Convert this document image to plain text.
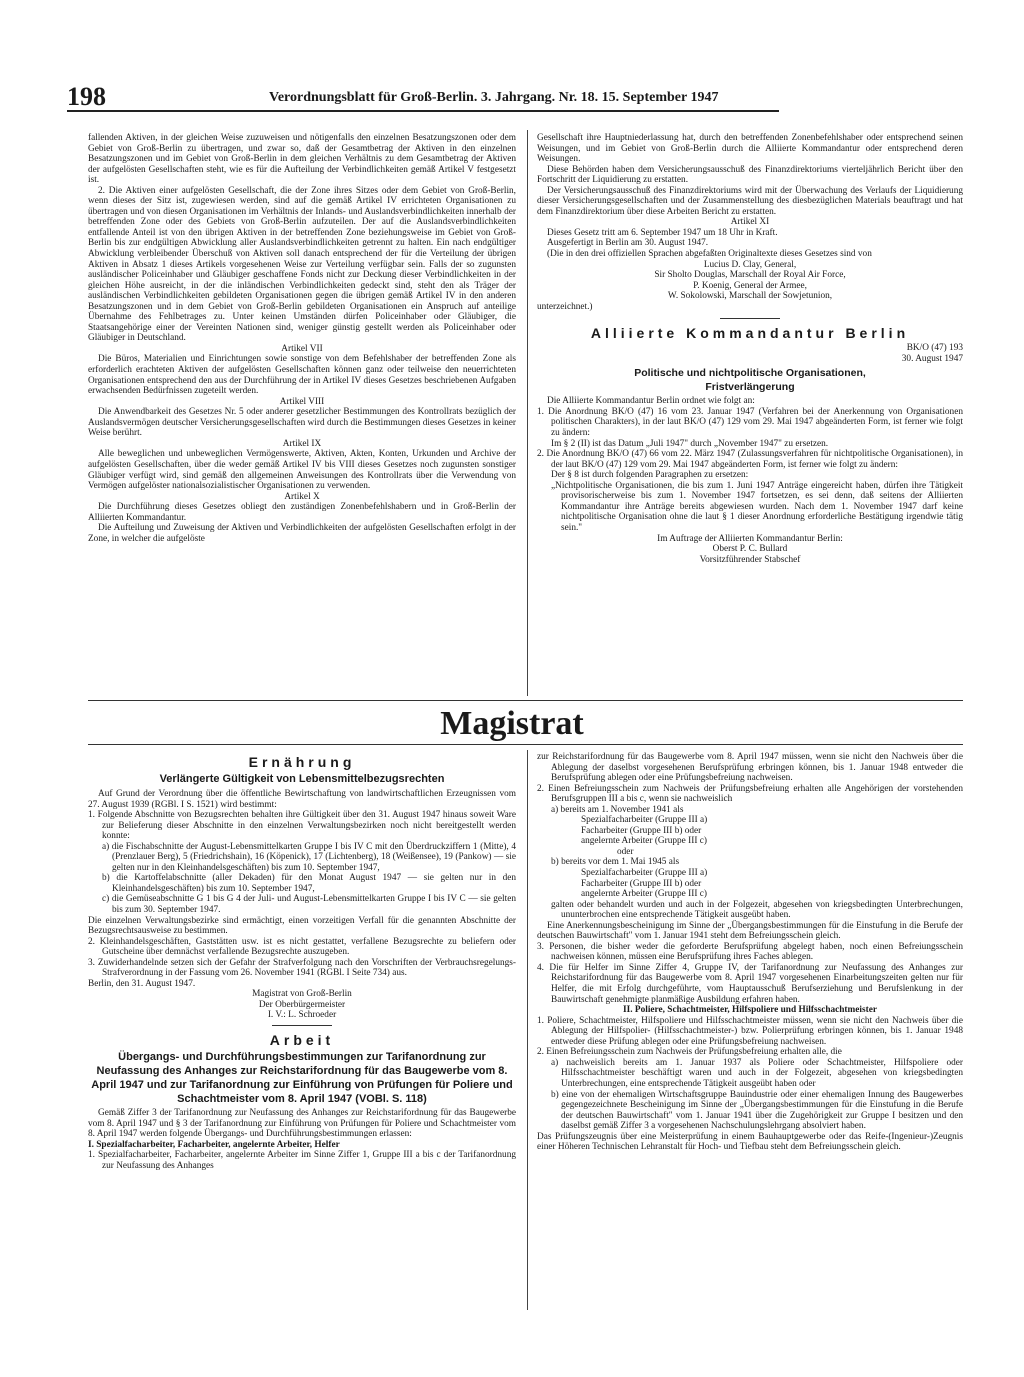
198	Verordnungsblatt für Groß-Berlin. 3. Jahrgang. Nr. 18. 15. September 1947

fallenden Aktiven, in der gleichen Weise zuzuweisen und nötigenfalls den einzelnen Besatzungszonen oder dem Gebiet von Groß-Berlin zu übertragen, und zwar so, daß der Gesamtbetrag der Aktiven in den einzelnen Besatzungszonen und im Gebiet von Groß-Berlin in dem gleichen Verhältnis zu dem Gesamtbetrag der Aktiven der aufgelösten Gesellschaften steht, wie es für die Aufteilung der Verbindlichkeiten gemäß Artikel V festgesetzt ist.

2. Die Aktiven einer aufgelösten Gesellschaft, die der Zone ihres Sitzes oder dem Gebiet von Groß-Berlin, wenn dieses der Sitz ist, zugewiesen werden, sind auf die gemäß Artikel IV errichteten Organisationen zu übertragen und von diesen Organisationen im Verhältnis der Inlands- und Auslandsverbindlichkeiten innerhalb der betreffenden Zone oder des Gebiets von Groß-Berlin aufzuteilen. Der auf die Auslandsverbindlichkeiten entfallende Anteil ist von den übrigen Aktiven in der betreffenden Zone beziehungsweise im Gebiet von Groß-Berlin bis zur endgültigen Abwicklung aller Auslandsverbindlichkeiten getrennt zu halten. Ein nach endgültiger Abwicklung verbleibender Überschuß von Aktiven soll danach entsprechend der für die Verteilung der übrigen Aktiven in Absatz 1 dieses Artikels vorgesehenen Weise zur Verteilung verfügbar sein. Falls der so zugunsten ausländischer Policeinhaber und Gläubiger geschaffene Fonds nicht zur Deckung dieser Verbindlichkeiten in der gleichen Höhe ausreicht, in der die inländischen Verbindlichkeiten gedeckt sind, steht den als Träger der ausländischen Verbindlichkeiten gebildeten Organisationen gegen die übrigen gemäß Artikel IV in den anderen Besatzungszonen und in dem Gebiet von Groß-Berlin gebildeten Organisationen ein Anspruch auf anteilige Übernahme des Fehlbetrages zu. Unter keinen Umständen dürfen Policeinhaber oder Gläubiger, die Staatsangehörige einer der Vereinten Nationen sind, weniger günstig gestellt werden als Policeinhaber oder Gläubiger in Deutschland.

Artikel VII

Die Büros, Materialien und Einrichtungen sowie sonstige von dem Befehlshaber der betreffenden Zone als erforderlich erachteten Aktiven der aufgelösten Gesellschaften können ganz oder teilweise den neuerrichteten Organisationen entsprechend den aus der Durchführung der in Artikel IV dieses Gesetzes beschriebenen Aufgaben erwachsenden Bedürfnissen zugeteilt werden.

Artikel VIII

Die Anwendbarkeit des Gesetzes Nr. 5 oder anderer gesetzlicher Bestimmungen des Kontrollrats bezüglich der Auslandsvermögen deutscher Versicherungsgesellschaften wird durch die Bestimmungen dieses Gesetzes in keiner Weise berührt.

Artikel IX

Alle beweglichen und unbeweglichen Vermögenswerte, Aktiven, Akten, Konten, Urkunden und Archive der aufgelösten Gesellschaften, über die weder gemäß Artikel IV bis VIII dieses Gesetzes noch zugunsten sonstiger Gläubiger verfügt wird, sind gemäß den allgemeinen Anweisungen des Kontrollrats über die Verwendung von Vermögen aufgelöster nationalsozialistischer Organisationen zu verwenden.

Artikel X

Die Durchführung dieses Gesetzes obliegt den zuständigen Zonenbefehlshabern und in Groß-Berlin der Alliierten Kommandantur.

Die Aufteilung und Zuweisung der Aktiven und Verbindlichkeiten der aufgelösten Gesellschaften erfolgt in der Zone, in welcher die aufgelöste

Gesellschaft ihre Hauptniederlassung hat, durch den betreffenden Zonenbefehlshaber oder entsprechend seinen Weisungen, und im Gebiet von Groß-Berlin durch die Alliierte Kommandantur oder entsprechend deren Weisungen.

Diese Behörden haben dem Versicherungsausschuß des Finanzdirektoriums vierteljährlich Bericht über den Fortschritt der Liquidierung zu erstatten.

Der Versicherungsausschuß des Finanzdirektoriums wird mit der Überwachung des Verlaufs der Liquidierung dieser Versicherungsgesellschaften und der Zusammenstellung des diesbezüglichen Materials beauftragt und hat dem Finanzdirektorium über diese Arbeiten Bericht zu erstatten.

Artikel XI

Dieses Gesetz tritt am 6. September 1947 um 18 Uhr in Kraft.

Ausgefertigt in Berlin am 30. August 1947.

(Die in den drei offiziellen Sprachen abgefaßten Originaltexte dieses Gesetzes sind von

Lucius D. Clay, General,

Sir Sholto Douglas, Marschall der Royal Air Force,

P. Koenig, General der Armee,

W. Sokolowski, Marschall der Sowjetunion,

unterzeichnet.)

Alliierte Kommandantur Berlin

BK/O (47) 193

30. August 1947

Politische und nichtpolitische Organisationen,

Fristverlängerung

Die Alliierte Kommandantur Berlin ordnet wie folgt an:

1. Die Anordnung BK/O (47) 16 vom 23. Januar 1947 (Verfahren bei der Anerkennung von Organisationen politischen Charakters), in der laut BK/O (47) 129 vom 29. Mai 1947 abgeänderten Form, ist ferner wie folgt zu ändern:

Im § 2 (II) ist das Datum „Juli 1947" durch „November 1947" zu ersetzen.

2. Die Anordnung BK/O (47) 66 vom 22. März 1947 (Zulassungsverfahren für nichtpolitische Organisationen), in der laut BK/O (47) 129 vom 29. Mai 1947 abgeänderten Form, ist ferner wie folgt zu ändern:

Der § 8 ist durch folgenden Paragraphen zu ersetzen:

„Nichtpolitische Organisationen, die bis zum 1. Juni 1947 Anträge eingereicht haben, dürfen ihre Tätigkeit provisorischerweise bis zum 1. November 1947 fortsetzen, es sei denn, daß seitens der Alliierten Kommandantur ihre Anträge bereits abgewiesen wurden. Nach dem 1. November 1947 darf keine nichtpolitische Organisation ohne die laut § 1 dieser Anordnung erforderliche Bestätigung irgendwie tätig sein."

Im Auftrage der Alliierten Kommandantur Berlin:

Oberst P. C. Bullard

Vorsitzführender Stabschef

Magistrat

Ernährung

Verlängerte Gültigkeit von Lebensmittelbezugsrechten

Auf Grund der Verordnung über die öffentliche Bewirtschaftung von landwirtschaftlichen Erzeugnissen vom 27. August 1939 (RGBl. I S. 1521) wird bestimmt:

1. Folgende Abschnitte von Bezugsrechten behalten ihre Gültigkeit über den 31. August 1947 hinaus soweit Ware zur Belieferung dieser Abschnitte in den einzelnen Verwaltungsbezirken noch nicht bereitgestellt werden konnte:

a) die Fischabschnitte der August-Lebensmittelkarten Gruppe I bis IV C mit den Überdruckziffern 1 (Mitte), 4 (Prenzlauer Berg), 5 (Friedrichshain), 16 (Köpenick), 17 (Lichtenberg), 18 (Weißensee), 19 (Pankow) — sie gelten nur in den Kleinhandelsgeschäften) bis zum 10. September 1947,

b) die Kartoffelabschnitte (aller Dekaden) für den Monat August 1947 — sie gelten nur in den Kleinhandelsgeschäften) bis zum 10. September 1947,

c) die Gemüseabschnitte G 1 bis G 4 der Juli- und August-Lebensmittelkarten Gruppe I bis IV C — sie gelten bis zum 30. September 1947.

Die einzelnen Verwaltungsbezirke sind ermächtigt, einen vorzeitigen Verfall für die genannten Abschnitte der Bezugsrechtsausweise zu bestimmen.

2. Kleinhandelsgeschäften, Gaststätten usw. ist es nicht gestattet, verfallene Bezugsrechte zu beliefern oder Gutscheine über demnächst verfallende Bezugsrechte auszugeben.

3. Zuwiderhandelnde setzen sich der Gefahr der Strafverfolgung nach den Vorschriften der Verbrauchsregelungs-Strafverordnung in der Fassung vom 26. November 1941 (RGBl. I Seite 734) aus.

Berlin, den 31. August 1947.

Magistrat von Groß-Berlin

Der Oberbürgermeister

I. V.: L. Schroeder

Arbeit

Übergangs- und Durchführungsbestimmungen zur Tarifanordnung zur Neufassung des Anhanges zur Reichstarifordnung für das Baugewerbe vom 8. April 1947 und zur Tarifanordnung zur Einführung von Prüfungen für Poliere und Schachtmeister vom 8. April 1947 (VOBl. S. 118)

Gemäß Ziffer 3 der Tarifanordnung zur Neufassung des Anhanges zur Reichstarifordnung für das Baugewerbe vom 8. April 1947 und § 3 der Tarifanordnung zur Einführung von Prüfungen für Poliere und Schachtmeister vom 8. April 1947 werden folgende Übergangs- und Durchführungsbestimmungen erlassen:

I. Spezialfacharbeiter, Facharbeiter, angelernte Arbeiter, Helfer

1. Spezialfacharbeiter, Facharbeiter, angelernte Arbeiter im Sinne Ziffer 1, Gruppe III a bis c der Tarifanordnung zur Neufassung des Anhanges

zur Reichstarifordnung für das Baugewerbe vom 8. April 1947 müssen, wenn sie nicht den Nachweis über die Ablegung der daselbst vorgesehenen Berufsprüfung erbringen können, bis 1. Januar 1948 entweder die Berufsprüfung ablegen oder eine Prüfungsbefreiung nachweisen.

2. Einen Befreiungsschein zum Nachweis der Prüfungsbefreiung erhalten alle Angehörigen der vorstehenden Berufsgruppen III a bis c, wenn sie nachweislich

a) bereits am 1. November 1941 als

Spezialfacharbeiter (Gruppe III a)

Facharbeiter (Gruppe III b) oder

angelernte Arbeiter (Gruppe III c)

oder

b) bereits vor dem 1. Mai 1945 als

Spezialfacharbeiter (Gruppe III a)

Facharbeiter (Gruppe III b) oder

angelernte Arbeiter (Gruppe III c)

galten oder behandelt wurden und auch in der Folgezeit, abgesehen von kriegsbedingten Unterbrechungen, ununterbrochen eine entsprechende Tätigkeit ausgeübt haben.

Eine Anerkennungsbescheinigung im Sinne der „Übergangsbestimmungen für die Einstufung in die Berufe der deutschen Bauwirtschaft" vom 1. Januar 1941 steht dem Befreiungsschein gleich.

3. Personen, die bisher weder die geforderte Berufsprüfung abgelegt haben, noch einen Befreiungsschein nachweisen können, müssen eine Berufsprüfung ihres Faches ablegen.

4. Die für Helfer im Sinne Ziffer 4, Gruppe IV, der Tarifanordnung zur Neufassung des Anhanges zur Reichstarifordnung für das Baugewerbe vom 8. April 1947 vorgesehenen Einarbeitungszeiten gelten nur für Helfer, die mit Erfolg durchgeführte, vom Hauptausschuß Berufserziehung und Berufslenkung in der Bauwirtschaft genehmigte planmäßige Ausbildung erfahren haben.

II. Poliere, Schachtmeister, Hilfspoliere und Hilfsschachtmeister

1. Poliere, Schachtmeister, Hilfspoliere und Hilfsschachtmeister müssen, wenn sie nicht den Nachweis über die Ablegung der Hilfspolier- (Hilfsschachtmeister-) bzw. Polierprüfung erbringen können, bis 1. Januar 1948 entweder diese Prüfung ablegen oder eine Prüfungsbefreiung nachweisen.

2. Einen Befreiungsschein zum Nachweis der Prüfungsbefreiung erhalten alle, die

a) nachweislich bereits am 1. Januar 1937 als Poliere oder Schachtmeister, Hilfspoliere oder Hilfsschachtmeister beschäftigt waren und auch in der Folgezeit, abgesehen von kriegsbedingten Unterbrechungen, eine entsprechende Tätigkeit ausgeübt haben oder

b) eine von der ehemaligen Wirtschaftsgruppe Bauindustrie oder einer ehemaligen Innung des Baugewerbes gegengezeichnete Bescheinigung im Sinne der „Übergangsbestimmungen für die Einstufung in die Berufe der deutschen Bauwirtschaft" vom 1. Januar 1941 über die Zugehörigkeit zur Gruppe I besitzen und den daselbst gemäß Ziffer 3 a vorgesehenen Nachschulungslehrgang absolviert haben.

Das Prüfungszeugnis über eine Meisterprüfung in einem Bauhauptgewerbe oder das Reife-(Ingenieur-)Zeugnis einer Höheren Technischen Lehranstalt für Hoch- und Tiefbau steht dem Befreiungsschein gleich.
